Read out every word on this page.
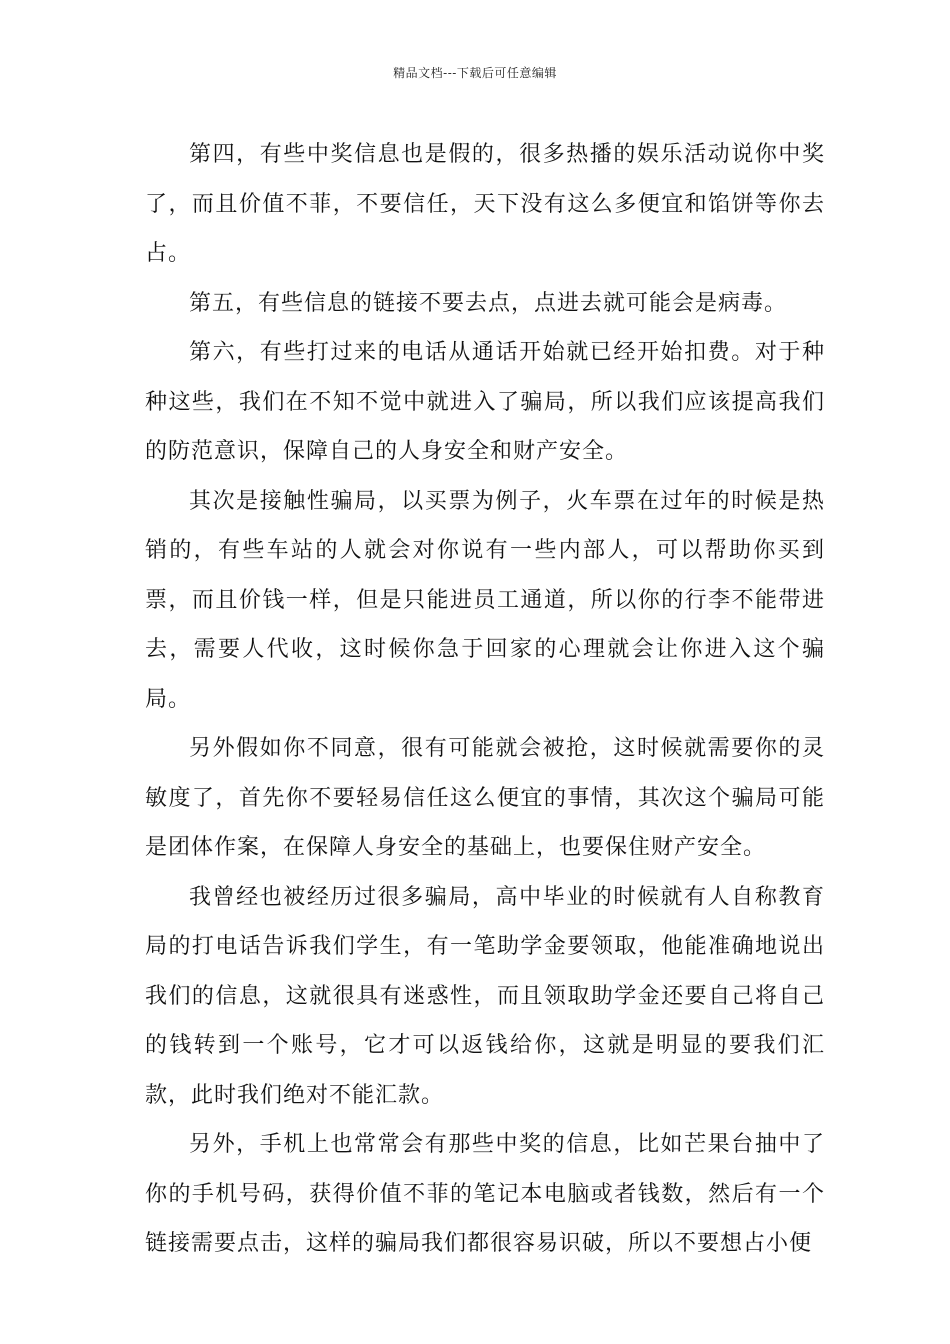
精品文档---下载后可任意编辑

第四，有些中奖信息也是假的，很多热播的娱乐活动说你中奖了，而且价值不菲，不要信任，天下没有这么多便宜和馅饼等你去占。

第五，有些信息的链接不要去点，点进去就可能会是病毒。

第六，有些打过来的电话从通话开始就已经开始扣费。对于种种这些，我们在不知不觉中就进入了骗局，所以我们应该提高我们的防范意识，保障自己的人身安全和财产安全。

其次是接触性骗局，以买票为例子，火车票在过年的时候是热销的，有些车站的人就会对你说有一些内部人，可以帮助你买到票，而且价钱一样，但是只能进员工通道，所以你的行李不能带进去，需要人代收，这时候你急于回家的心理就会让你进入这个骗局。

另外假如你不同意，很有可能就会被抢，这时候就需要你的灵敏度了，首先你不要轻易信任这么便宜的事情，其次这个骗局可能是团体作案，在保障人身安全的基础上，也要保住财产安全。

我曾经也被经历过很多骗局，高中毕业的时候就有人自称教育局的打电话告诉我们学生，有一笔助学金要领取，他能准确地说出我们的信息，这就很具有迷惑性，而且领取助学金还要自己将自己的钱转到一个账号，它才可以返钱给你，这就是明显的要我们汇款，此时我们绝对不能汇款。

另外，手机上也常常会有那些中奖的信息，比如芒果台抽中了你的手机号码，获得价值不菲的笔记本电脑或者钱数，然后有一个链接需要点击，这样的骗局我们都很容易识破，所以不要想占小便
